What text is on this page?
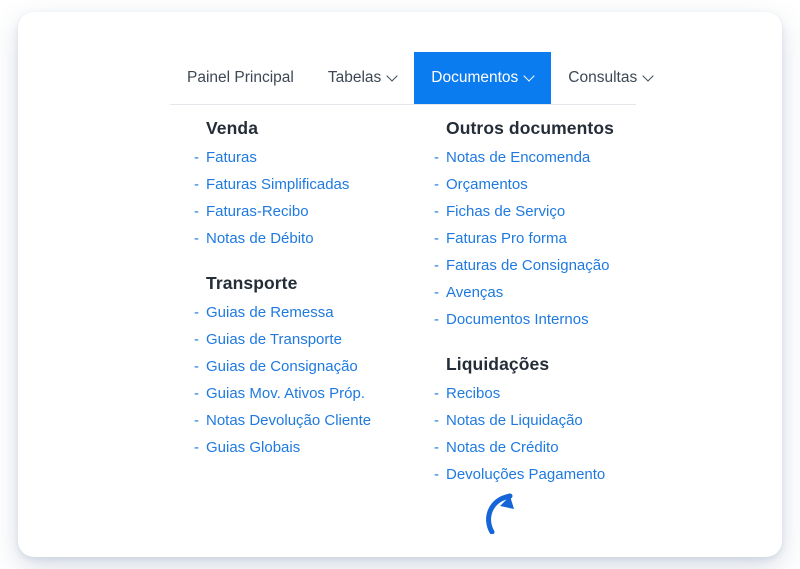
Painel Principal Tabelas	Documentos	Consultas
Venda
- Faturas
- Faturas Simplificadas
- Faturas-Recibo
- Notas de Débito
Transporte
- Guias de Remessa
- Guias de Transporte
- Guias de Consignação
- Guias Mov. Ativos Próp.
- Notas Devolução Cliente
- Guias Globais
Outros documentos
- Notas de Encomenda
- Orçamentos
- Fichas de Serviço
- Faturas Pro forma
- Faturas de Consignação
- Avenças
- Documentos Internos
Liquidações
- Recibos
- Notas de Liquidação
- Notas de Crédito
- Devoluções Pagamento
